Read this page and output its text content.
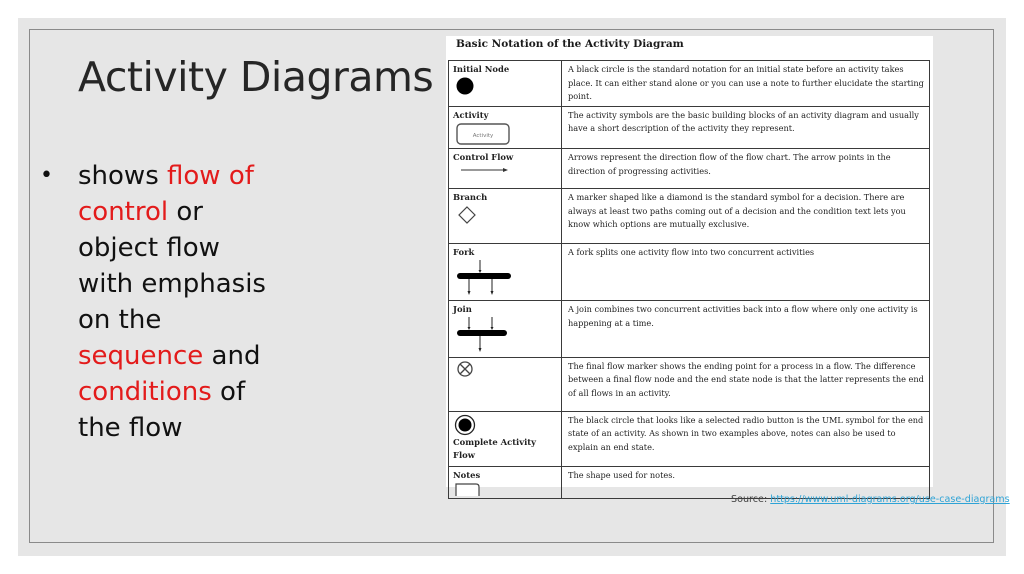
Activity Diagrams
• shows flow of control or object flow with emphasis on the sequence and conditions of the flow
Basic Notation of the Activity Diagram
Initial Node	A black circle is the standard notation for an initial state before an activity takes place. It can either stand alone or you can use a note to further elucidate the starting point.

Activity
Activity	The activity symbols are the basic building blocks of an activity diagram and usually have a short description of the activity they represent.

Control Flow	Arrows represent the direction flow of the flow chart. The arrow points in the direction of progressing activities.

Branch	A marker shaped like a diamond is the standard symbol for a decision. There are always at least two paths coming out of a decision and the condition text lets you know which options are mutually exclusive.

Fork	A fork splits one activity flow into two concurrent activities

Join	A join combines two concurrent activities back into a flow where only one activity is happening at a time.

	The final flow marker shows the ending point for a process in a flow. The difference between a final flow node and the end state node is that the latter represents the end of all flows in an activity.

Complete Activity Flow	The black circle that looks like a selected radio button is the UML symbol for the end state of an activity. As shown in two examples above, notes can also be used to explain an end state.

Notes	The shape used for notes.
Source: https://www.uml-diagrams.org/use-case-diagrams
